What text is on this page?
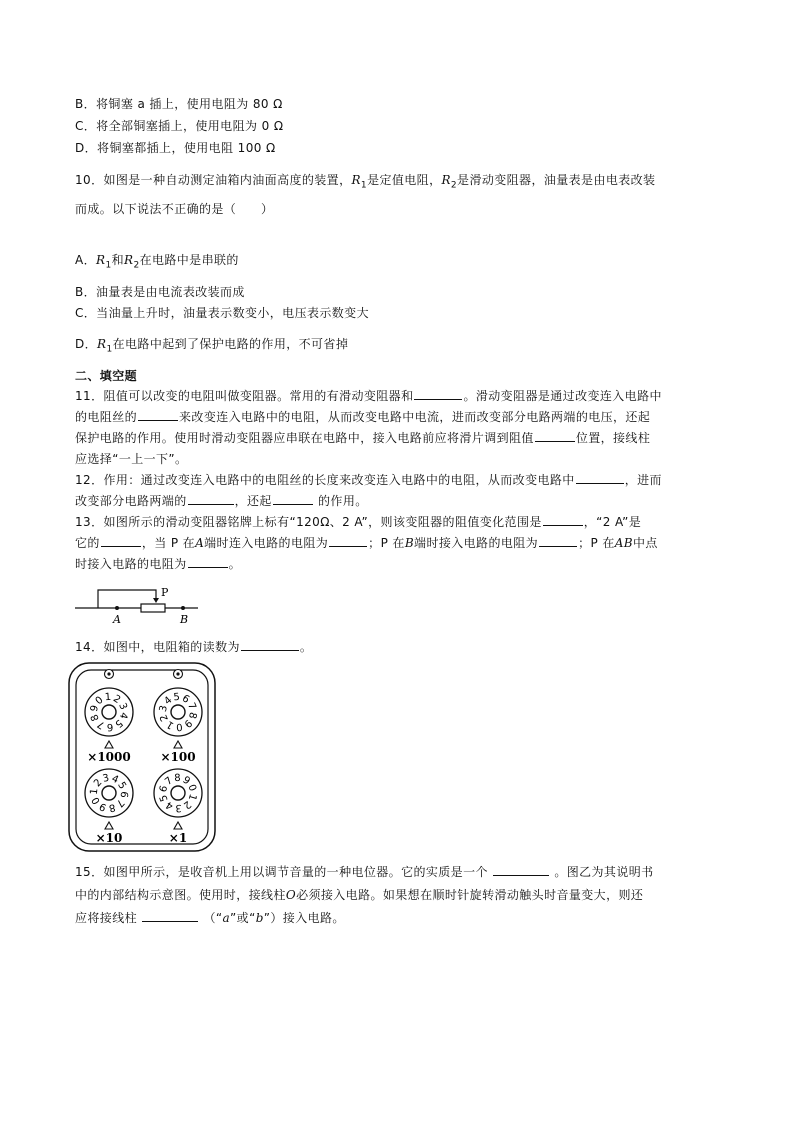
B．将铜塞 a 插上，使用电阻为 80 Ω
C．将全部铜塞插上，使用电阻为 0 Ω
D．将铜塞都插上，使用电阻 100 Ω
10．如图是一种自动测定油箱内油面高度的装置，$R_1$是定值电阻，$R_2$是滑动变阻器，油量表是由电表改装
而成。以下说法不正确的是（　　）
A．$R_1$和$R_2$在电路中是串联的
B．油量表是由电流表改装而成
C．当油量上升时，油量表示数变小，电压表示数变大
D．$R_1$在电路中起到了保护电路的作用，不可省掉
二、填空题
11．阻值可以改变的电阻叫做变阻器。常用的有滑动变阻器和	。滑动变阻器是通过改变连入电路中
的电阻丝的	来改变连入电路中的电阻，从而改变电路中电流，进而改变部分电路两端的电压，还起
保护电路的作用。使用时滑动变阻器应串联在电路中，接入电路前应将滑片调到阻值	位置，接线柱
应选择“一上一下”。
12．作用：通过改变连入电路中的电阻丝的长度来改变连入电路中的电阻，从而改变电路中	，进而
改变部分电路两端的	，还起	的作用。
13．如图所示的滑动变阻器铭牌上标有“120Ω、2 A”，则该变阻器的阻值变化范围是	，“2 A”是
它的	，当 P 在A端时连入电路的电阻为	；P 在B端时接入电路的电阻为	；P 在AB中点
时接入电路的电阻为	。
P
A	B
14．如图中，电阻箱的读数为	。
0
1 2
3
4
5
6
7
8
9
×1000
0
1
2
3
4
5 6
7
8
9
×100
0
1
2
3 4
5
6
7
8
9
×10
0
1
2
3
4
5
6
7 8 9
×1
15．如图甲所示，是收音机上用以调节音量的一种电位器。它的实质是一个	。图乙为其说明书
中的内部结构示意图。使用时，接线柱O必须接入电路。如果想在顺时针旋转滑动触头时音量变大，则还
应将接线柱	（“a”或“b”）接入电路。
